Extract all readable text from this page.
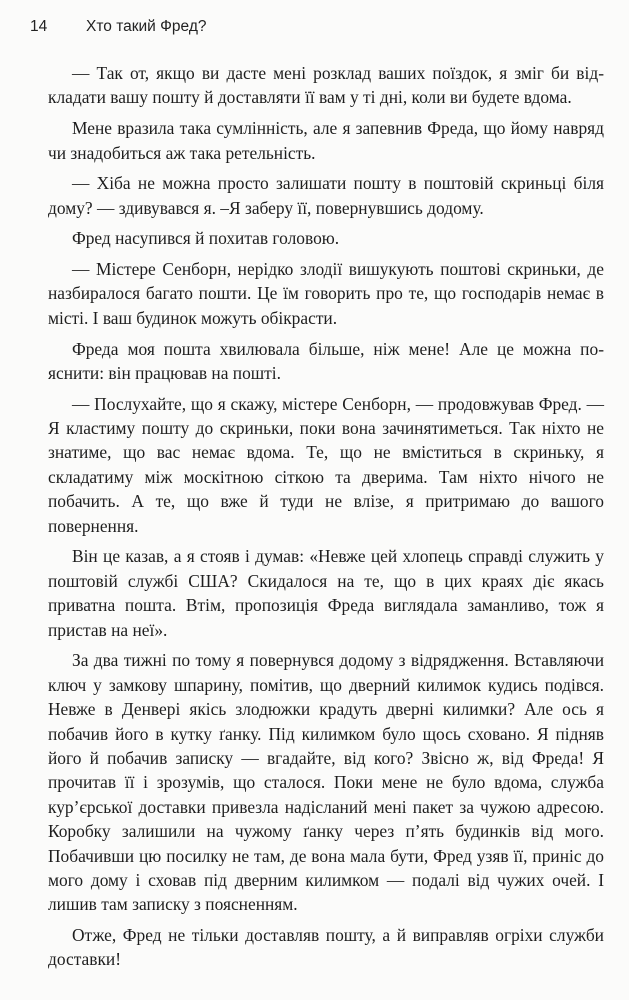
14	Хто такий Фред?

— Так от, якщо ви дасте мені розклад ваших поїздок, я зміг би відкладати вашу пошту й доставляти її вам у ті дні, коли ви будете вдома.

Мене вразила така сумлінність, але я запевнив Фреда, що йому навряд чи знадобиться аж така ретельність.

— Хіба не можна просто залишати пошту в поштовій скриньці біля дому? — здивувався я. –Я заберу її, повернувшись додому.

Фред насупився й похитав головою.

— Містере Сенборн, нерідко злодії вишукують поштові скриньки, де назбиралося багато пошти. Це їм говорить про те, що господарів немає в місті. І ваш будинок можуть обікрасти.

Фреда моя пошта хвилювала більше, ніж мене! Але це можна пояснити: він працював на пошті.

— Послухайте, що я скажу, містере Сенборн, — продовжував Фред. — Я кластиму пошту до скриньки, поки вона зачинятиметься. Так ніхто не знатиме, що вас немає вдома. Те, що не вміститься в скриньку, я складатиму між москітною сіткою та дверима. Там ніхто нічого не побачить. А те, що вже й туди не влізе, я притримаю до вашого повернення.

Він це казав, а я стояв і думав: «Невже цей хлопець справді служить у поштовій службі США? Скидалося на те, що в цих краях діє якась приватна пошта. Втім, пропозиція Фреда виглядала заманливо, тож я пристав на неї».

За два тижні по тому я повернувся додому з відрядження. Вставляючи ключ у замкову шпарину, помітив, що дверний килимок кудись подівся. Невже в Денвері якісь злодюжки крадуть дверні килимки? Але ось я побачив його в кутку ґанку. Під килимком було щось сховано. Я підняв його й побачив записку — вгадайте, від кого? Звісно ж, від Фреда! Я прочитав її і зрозумів, що сталося. Поки мене не було вдома, служба кур’єрської доставки привезла надіcланий мені пакет за чужою адресою. Коробку залишили на чужому ґанку через п’ять будинків від мого. Побачивши цю посилку не там, де вона мала бути, Фред узяв її, приніс до мого дому і сховав під дверним килимком — подалі від чужих очей. І лишив там записку з поясненням.

Отже, Фред не тільки доставляв пошту, а й виправляв огріхи служби доставки!
